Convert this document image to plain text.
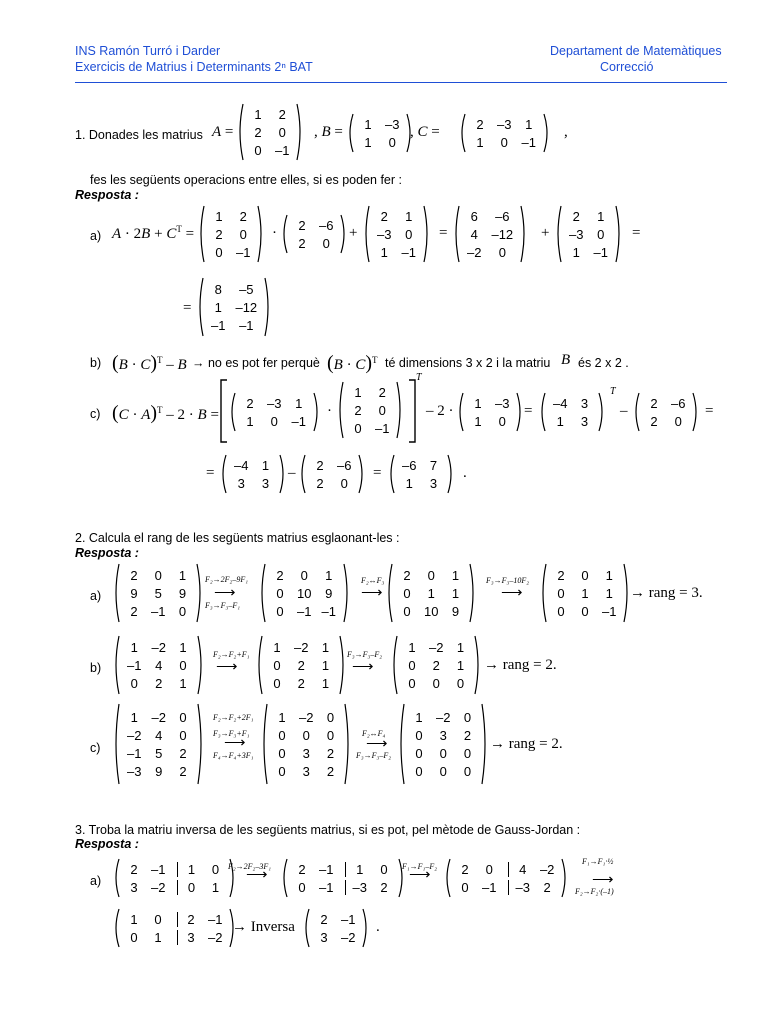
INS Ramón Turró i Darder
Exercicis de Matrius i Determinants 2ⁿ BAT
Departament de Matemàtiques
Correcció
1. Donades les matrius A =
1 2
2 0
0 –1
, B = 1 –3
1 0
, C =	2 –3 1
1 0 –1
,
fes les següents operacions entre elles, si es poden fer :
Resposta :
a) $A \cdot 2B + C^T$ =
1 2
2 0
0 –1
· 2 –6
2 0
+
2 1
–3 0
1 –1
=
6 –6
4 –12
–2	0
+
2 1
–3 0
1 –1
=
=
8 –5
1 –12
–1 –1
b) $(B \cdot C)^T - B$ → no es pot fer perquè $(B \cdot C)^T$ té dimensions 3 x 2 i la matriu B és 2 x 2 .
c) $(C \cdot A)^T - 2 \cdot B$ =
2 –3 1
1 0 –1
·
1 2
2 0
0 –1
T
– 2 · 1 –3
1 0
= –4 3
1 3
T
– 2 –6
2 0
=
= –4 1
3 3
– 2 –6
2 0
= –6 7
1 3
.
2. Calcula el rang de les següents matrius esglaonant-les :
Resposta :
a)
2 0 1
9 5 9
2 –1 0
F₂→2F₂–9F₁
⟶
F₃→F₃–F₁
2 0 1
0 10 9
0 –1 –1
F₂↔F₃
⟶
2 0 1
0 1 1
0 10 9
F₃→F₃–10F₂
⟶
2 0 1
0 1 1
0 0 –1
→ rang = 3.
b)
1 –2 1
–1 4 0
0 2 1
F₂→F₂+F₁
⟶
1 –2 1
0 2 1
0 2 1
F₃→F₃–F₂
⟶
1 –2 1
0 2 1
0 0 0
→ rang = 2.
c)
1 –2 0
–2 4 0
–1 5 2
–3 9 2
F₂→F₂+2F₁
F₃→F₃+F₁
⟶
F₄→F₄+3F₁
1 –2 0
0 0 0
0 3 2
0 3 2
F₂↔F₄
⟶
F₃→F₃–F₂
1 –2 0
0 3 2
0 0 0
0 0 0
→ rang = 2.
3. Troba la matriu inversa de les següents matrius, si es pot, pel mètode de Gauss-Jordan :
Resposta :
a)
2 –1	1 0
3 –2	0 1
F₂→2F₂–3F₁
⟶ 2 –1	1 0
0 –1	–3 2
F₁→F₁–F₂
⟶ 2 0	4 –2
0 –1	–3 2
F₁→F₁·½
⟶
F₂→F₂·(–1)
1 0	2 –1
0 1	3 –2
→ Inversa 2 –1
3 –2
.
